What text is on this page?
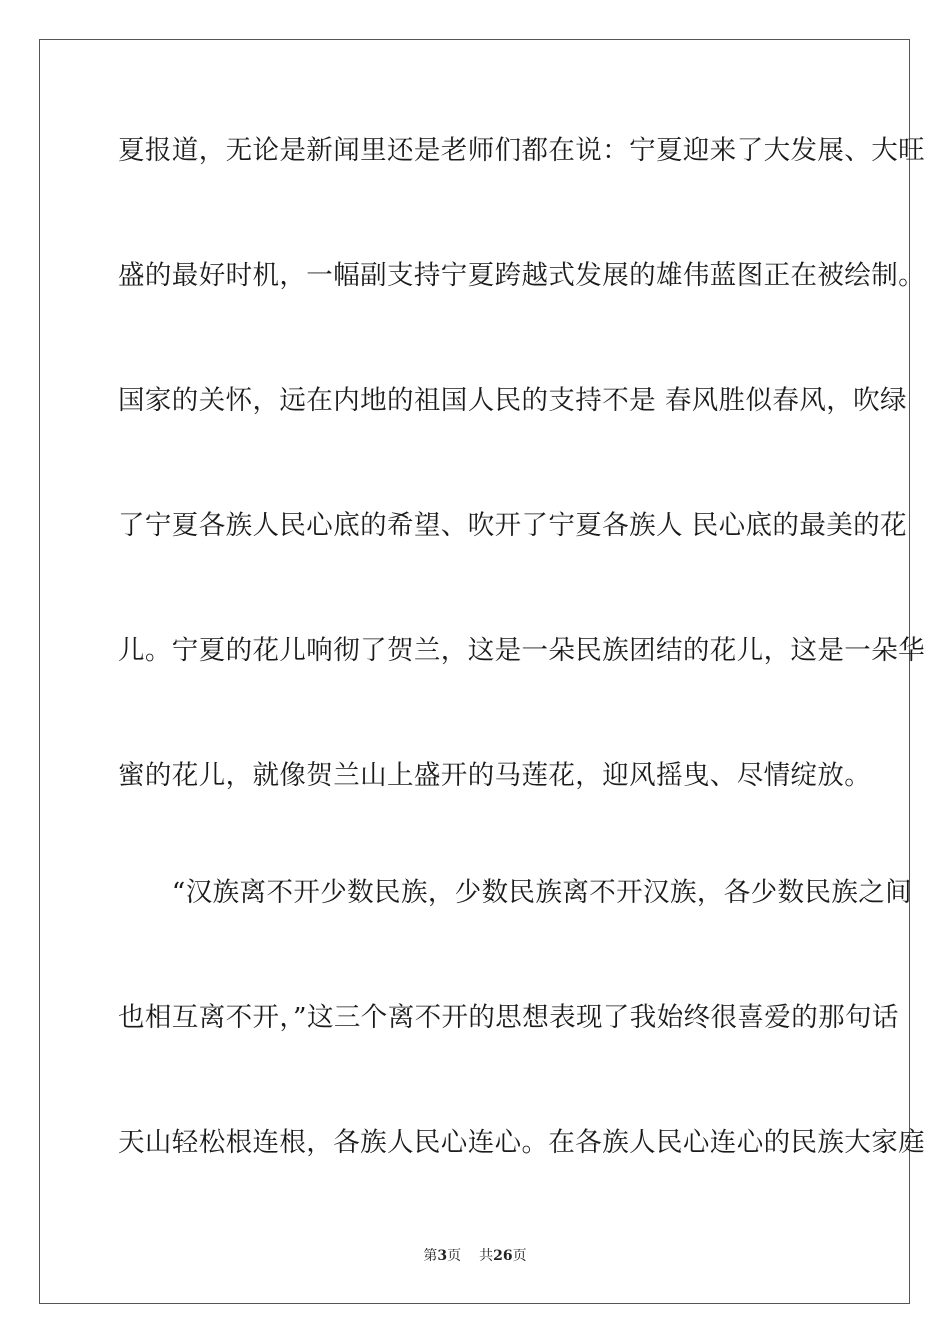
夏报道，无论是新闻里还是老师们都在说：宁夏迎来了大发展、大旺
盛的最好时机，一幅副支持宁夏跨越式发展的雄伟蓝图正在被绘制。
国家的关怀，远在内地的祖国人民的支持不是 春风胜似春风，吹绿
了宁夏各族人民心底的希望、吹开了宁夏各族人 民心底的最美的花
儿。宁夏的花儿响彻了贺兰，这是一朵民族团结的花儿，这是一朵华
蜜的花儿，就像贺兰山上盛开的马莲花，迎风摇曳、尽情绽放。
　　“汉族离不开少数民族，少数民族离不开汉族，各少数民族之间
也相互离不开，”这三个离不开的思想表现了我始终很喜爱的那句话
天山轻松根连根，各族人民心连心。在各族人民心连心的民族大家庭
第3页 共26页
